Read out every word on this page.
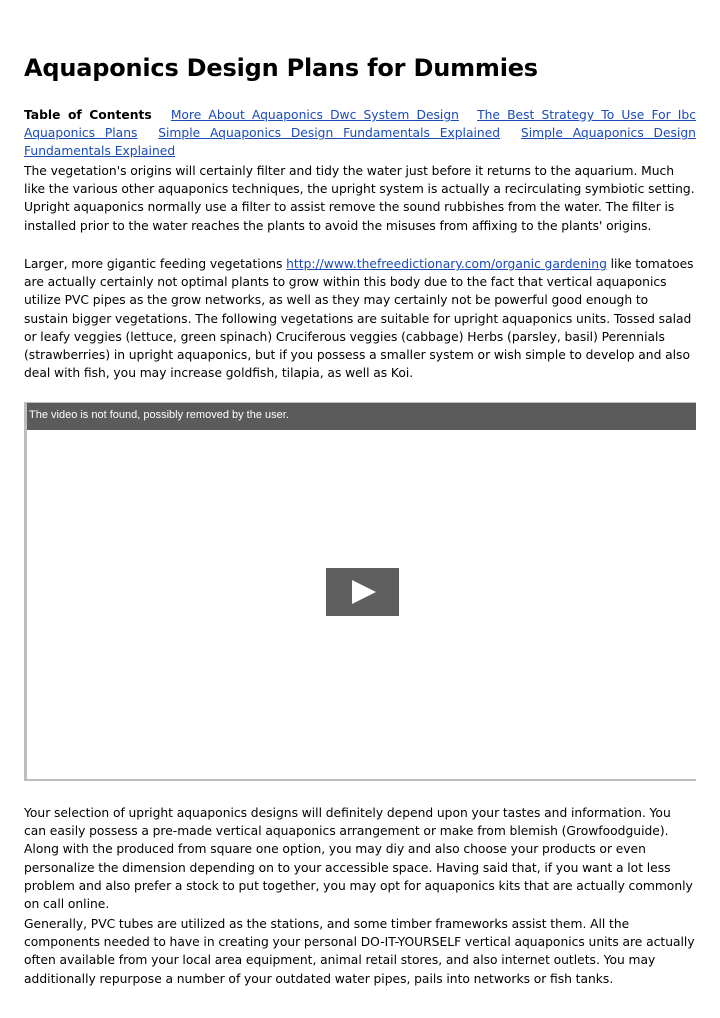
Aquaponics Design Plans for Dummies
Table of Contents More About Aquaponics Dwc System Design The Best Strategy To Use For Ibc Aquaponics Plans Simple Aquaponics Design Fundamentals Explained Simple Aquaponics Design Fundamentals Explained

The vegetation's origins will certainly filter and tidy the water just before it returns to the aquarium. Much like the various other aquaponics techniques, the upright system is actually a recirculating symbiotic setting. Upright aquaponics normally use a filter to assist remove the sound rubbishes from the water. The filter is installed prior to the water reaches the plants to avoid the misuses from affixing to the plants' origins.

Larger, more gigantic feeding vegetations http://www.thefreedictionary.com/organic gardening like tomatoes are actually certainly not optimal plants to grow within this body due to the fact that vertical aquaponics utilize PVC pipes as the grow networks, as well as they may certainly not be powerful good enough to sustain bigger vegetations. The following vegetations are suitable for upright aquaponics units. Tossed salad or leafy veggies (lettuce, green spinach) Cruciferous veggies (cabbage) Herbs (parsley, basil) Perennials (strawberries) in upright aquaponics, but if you possess a smaller system or wish simple to develop and also deal with fish, you may increase goldfish, tilapia, as well as Koi.

Your selection of upright aquaponics designs will definitely depend upon your tastes and information. You can easily possess a pre-made vertical aquaponics arrangement or make from blemish (Growfoodguide). Along with the produced from square one option, you may diy and also choose your products or even personalize the dimension depending on to your accessible space. Having said that, if you want a lot less problem and also prefer a stock to put together, you may opt for aquaponics kits that are actually commonly on call online.

Generally, PVC tubes are utilized as the stations, and some timber frameworks assist them. All the components needed to have in creating your personal DO-IT-YOURSELF vertical aquaponics units are actually often available from your local area equipment, animal retail stores, and also internet outlets. You may additionally repurpose a number of your outdated water pipes, pails into networks or fish tanks.

The video is not found, possibly removed by the user.
